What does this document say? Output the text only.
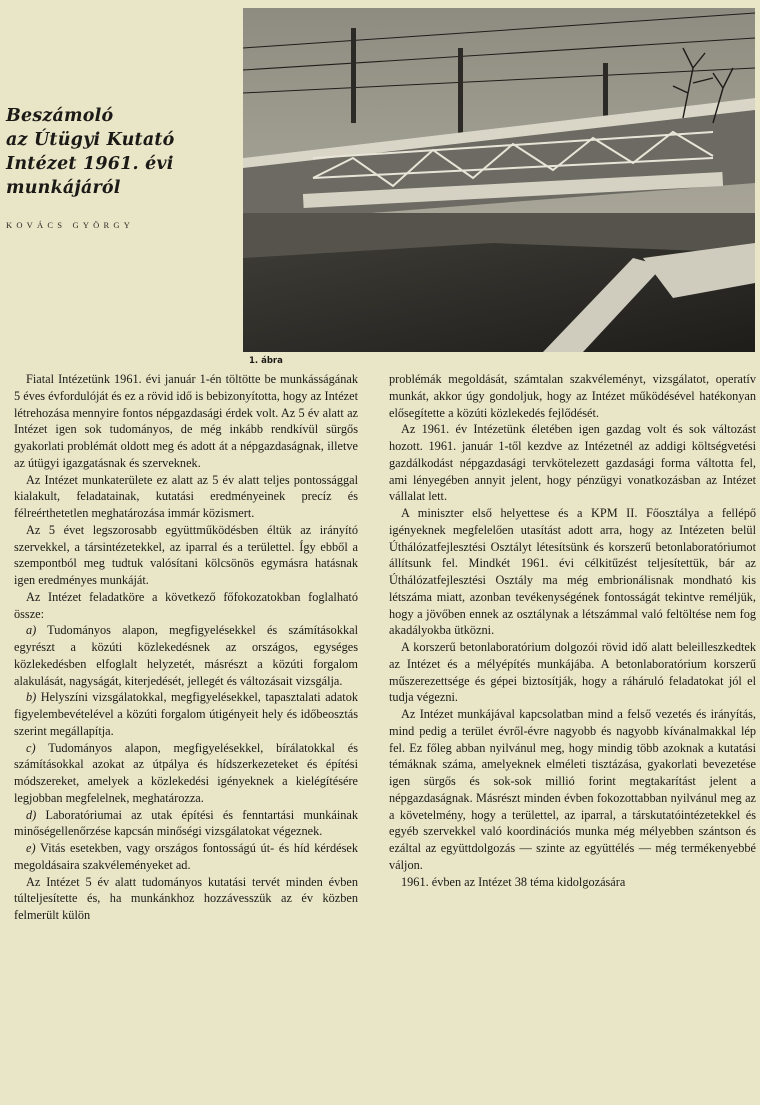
Beszámoló
az Útügyi Kutató
Intézet 1961. évi
munkájáról
KOVÁCS GYÖRGY
1. ábra

Fiatal Intézetünk 1961. évi január 1-én töltötte be munkásságának 5 éves évfordulóját és ez a rövid idő is bebizonyította, hogy az Intézet létrehozása mennyire fontos népgazdasági érdek volt. Az 5 év alatt az Intézet igen sok tudományos, de még inkább rendkívül sürgős gyakorlati problémát oldott meg és adott át a népgazdaságnak, illetve az útügyi igazgatásnak és szerveknek.

Az Intézet munkaterülete ez alatt az 5 év alatt teljes pontossággal kialakult, feladatainak, kutatási eredményeinek precíz és félreérthetetlen meghatározása immár közismert.

Az 5 évet legszorosabb együttműködésben éltük az irányító szervekkel, a társintézetekkel, az iparral és a területtel. Így ebből a szempontból meg tudtuk valósítani kölcsönös egymásra hatásnak igen eredményes munkáját.

Az Intézet feladatköre a következő főfokozatokban foglalható össze:

a) Tudományos alapon, megfigyelésekkel és számításokkal egyrészt a közúti közlekedésnek az országos, egységes közlekedésben elfoglalt helyzetét, másrészt a közúti forgalom alakulását, nagyságát, kiterjedését, jellegét és változásait vizsgálja.

b) Helyszíni vizsgálatokkal, megfigyelésekkel, tapasztalati adatok figyelembevételével a közúti forgalom útigényeit hely és időbeosztás szerint megállapítja.

c) Tudományos alapon, megfigyelésekkel, bírálatokkal és számításokkal azokat az útpálya és hídszerkezeteket és építési módszereket, amelyek a közlekedési igényeknek a kielégítésére legjobban megfelelnek, meghatározza.

d) Laboratóriumai az utak építési és fenntartási munkáinak minőségellenőrzése kapcsán minőségi vizsgálatokat végeznek.

e) Vitás esetekben, vagy országos fontosságú út- és híd kérdések megoldásaira szakvéleményeket ad.

Az Intézet 5 év alatt tudományos kutatási tervét minden évben túlteljesítette és, ha munkánkhoz hozzávesszük az év közben felmerült külön

problémák megoldását, számtalan szakvéleményt, vizsgálatot, operatív munkát, akkor úgy gondoljuk, hogy az Intézet működésével hatékonyan elősegítette a közúti közlekedés fejlődését.

Az 1961. év Intézetünk életében igen gazdag volt és sok változást hozott. 1961. január 1-től kezdve az Intézetnél az addigi költségvetési gazdálkodást népgazdasági tervkötelezett gazdasági forma váltotta fel, ami lényegében annyit jelent, hogy pénzügyi vonatkozásban az Intézet vállalat lett.

A miniszter első helyettese és a KPM II. Főosztálya a fellépő igényeknek megfelelően utasítást adott arra, hogy az Intézeten belül Úthálózatfejlesztési Osztályt létesítsünk és korszerű betonlaboratóriumot állítsunk fel. Mindkét 1961. évi célkitűzést teljesítettük, bár az Úthálózatfejlesztési Osztály ma még embrionálisnak mondható kis létszáma miatt, azonban tevékenységének fontosságát tekintve reméljük, hogy a jövőben ennek az osztálynak a létszámmal való feltöltése nem fog akadályokba ütközni.

A korszerű betonlaboratórium dolgozói rövid idő alatt beleilleszkedtek az Intézet és a mélyépítés munkájába. A betonlaboratórium korszerű műszerezettsége és gépei biztosítják, hogy a ráháruló feladatokat jól el tudja végezni.

Az Intézet munkájával kapcsolatban mind a felső vezetés és irányítás, mind pedig a terület évről-évre nagyobb és nagyobb kívánalmakkal lép fel. Ez főleg abban nyilvánul meg, hogy mindig több azoknak a kutatási témáknak száma, amelyeknek elméleti tisztázása, gyakorlati bevezetése igen sürgős és sok-sok millió forint megtakarítást jelent a népgazdaságnak. Másrészt minden évben fokozottabban nyilvánul meg az a követelmény, hogy a területtel, az iparral, a társkutatóintézetekkel és egyéb szervekkel való koordinációs munka még mélyebben szántson és ezáltal az együttdolgozás — szinte az együttélés — még termékenyebbé váljon.

1961. évben az Intézet 38 téma kidolgozására
